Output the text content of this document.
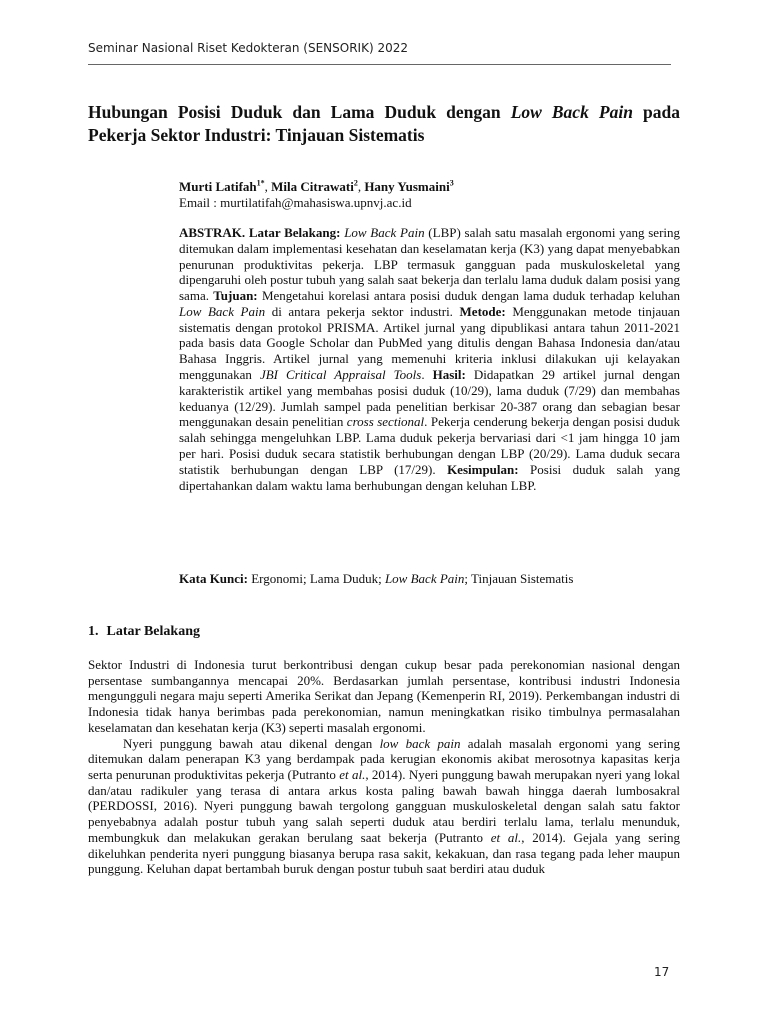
Seminar Nasional Riset Kedokteran (SENSORIK) 2022
Hubungan Posisi Duduk dan Lama Duduk dengan Low Back Pain pada Pekerja Sektor Industri: Tinjauan Sistematis
Murti Latifah$^{1*}$, Mila Citrawati$^2$, Hany Yusmaini$^3$
Email : murtilatifah@mahasiswa.upnvj.ac.id

ABSTRAK. Latar Belakang: Low Back Pain (LBP) salah satu masalah ergonomi yang sering ditemukan dalam implementasi kesehatan dan keselamatan kerja (K3) yang dapat menyebabkan penurunan produktivitas pekerja. LBP termasuk gangguan pada muskuloskeletal yang dipengaruhi oleh postur tubuh yang salah saat bekerja dan terlalu lama duduk dalam posisi yang sama. Tujuan: Mengetahui korelasi antara posisi duduk dengan lama duduk terhadap keluhan Low Back Pain di antara pekerja sektor industri. Metode: Menggunakan metode tinjauan sistematis dengan protokol PRISMA. Artikel jurnal yang dipublikasi antara tahun 2011-2021 pada basis data Google Scholar dan PubMed yang ditulis dengan Bahasa Indonesia dan/atau Bahasa Inggris. Artikel jurnal yang memenuhi kriteria inklusi dilakukan uji kelayakan menggunakan JBI Critical Appraisal Tools. Hasil: Didapatkan 29 artikel jurnal dengan karakteristik artikel yang membahas posisi duduk (10/29), lama duduk (7/29) dan membahas keduanya (12/29). Jumlah sampel pada penelitian berkisar 20-387 orang dan sebagian besar menggunakan desain penelitian cross sectional. Pekerja cenderung bekerja dengan posisi duduk salah sehingga mengeluhkan LBP. Lama duduk pekerja bervariasi dari <1 jam hingga 10 jam per hari. Posisi duduk secara statistik berhubungan dengan LBP (20/29). Lama duduk secara statistik berhubungan dengan LBP (17/29). Kesimpulan: Posisi duduk salah yang dipertahankan dalam waktu lama berhubungan dengan keluhan LBP.

Kata Kunci: Ergonomi; Lama Duduk; Low Back Pain; Tinjauan Sistematis
1. Latar Belakang

Sektor Industri di Indonesia turut berkontribusi dengan cukup besar pada perekonomian nasional dengan persentase sumbangannya mencapai 20%. Berdasarkan jumlah persentase, kontribusi industri Indonesia mengungguli negara maju seperti Amerika Serikat dan Jepang (Kemenperin RI, 2019). Perkembangan industri di Indonesia tidak hanya berimbas pada perekonomian, namun meningkatkan risiko timbulnya permasalahan keselamatan dan kesehatan kerja (K3) seperti masalah ergonomi.

Nyeri punggung bawah atau dikenal dengan low back pain adalah masalah ergonomi yang sering ditemukan dalam penerapan K3 yang berdampak pada kerugian ekonomis akibat merosotnya kapasitas kerja serta penurunan produktivitas pekerja (Putranto et al., 2014). Nyeri punggung bawah merupakan nyeri yang lokal dan/atau radikuler yang terasa di antara arkus kosta paling bawah bawah hingga daerah lumbosakral (PERDOSSI, 2016). Nyeri punggung bawah tergolong gangguan muskuloskeletal dengan salah satu faktor penyebabnya adalah postur tubuh yang salah seperti duduk atau berdiri terlalu lama, terlalu menunduk, membungkuk dan melakukan gerakan berulang saat bekerja (Putranto et al., 2014). Gejala yang sering dikeluhkan penderita nyeri punggung biasanya berupa rasa sakit, kekakuan, dan rasa tegang pada leher maupun punggung. Keluhan dapat bertambah buruk dengan postur tubuh saat berdiri atau duduk

17
